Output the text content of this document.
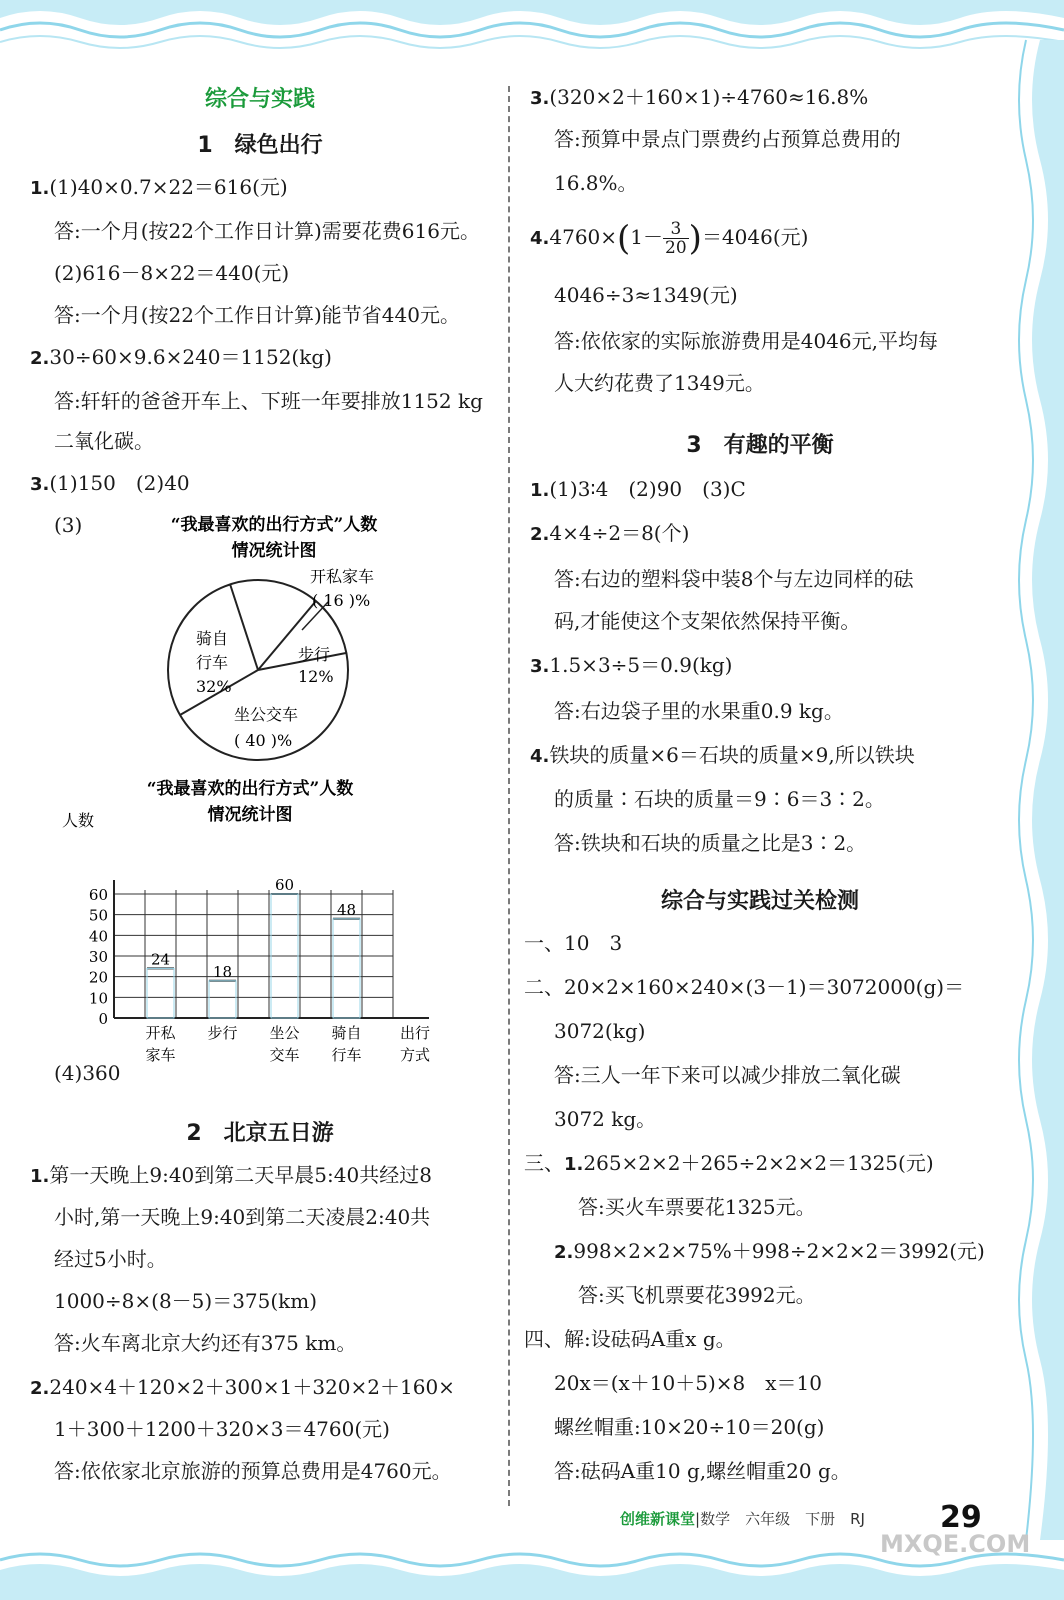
综合与实践
1　绿色出行
1.(1)40×0.7×22＝616(元)
答:一个月(按22个工作日计算)需要花费616元。
(2)616－8×22＝440(元)
答:一个月(按22个工作日计算)能节省440元。
2.30÷60×9.6×240＝1152(kg)
答:轩轩的爸爸开车上、下班一年要排放1152 kg
二氧化碳。
3.(1)150　(2)40
(3)	“我最喜欢的出行方式”人数
情况统计图
开私家车
( 16 )%
步行
12%
坐公交车
( 40 )%
骑自
行车
32%
“我最喜欢的出行方式”人数
情况统计图
人数
0
10
20
30
40
50
60
24
开私
家车
18
步行
60
坐公
交车
48
骑自
行车
出行
方式
(4)360
2　北京五日游
1.第一天晚上9:40到第二天早晨5:40共经过8
小时,第一天晚上9:40到第二天凌晨2:40共
经过5小时。
1000÷8×(8－5)＝375(km)
答:火车离北京大约还有375 km。
2.240×4＋120×2＋300×1＋320×2＋160×
1＋300＋1200＋320×3＝4760(元)
答:依依家北京旅游的预算总费用是4760元。
3.(320×2＋160×1)÷4760≈16.8%
答:预算中景点门票费约占预算总费用的
16.8%。
$4.4760\times(1- \frac{3}{20} )=4046$(元)
4046÷3≈1349(元)
答:依依家的实际旅游费用是4046元,平均每
人大约花费了1349元。
3　有趣的平衡
1.(1)3∶4　(2)90　(3)C
2.4×4÷2＝8(个)
答:右边的塑料袋中装8个与左边同样的砝
码,才能使这个支架依然保持平衡。
3.1.5×3÷5＝0.9(kg)
答:右边袋子里的水果重0.9 kg。
4.铁块的质量×6＝石块的质量×9,所以铁块
的质量∶石块的质量＝9∶6＝3∶2。
答:铁块和石块的质量之比是3∶2。
综合与实践过关检测
一、10　3
二、20×2×160×240×(3－1)＝3072000(g)＝
3072(kg)
答:三人一年下来可以减少排放二氧化碳
3072 kg。
三、1.265×2×2＋265÷2×2×2＝1325(元)
答:买火车票要花1325元。
2.998×2×2×75%＋998÷2×2×2＝3992(元)
答:买飞机票要花3992元。
四、解:设砝码A重x g。
20x＝(x＋10＋5)×8　x＝10
螺丝帽重:10×20÷10＝20(g)
答:砝码A重10 g,螺丝帽重20 g。
创维新课堂|数学　六年级　下册　RJ	29
MXQE.COM
